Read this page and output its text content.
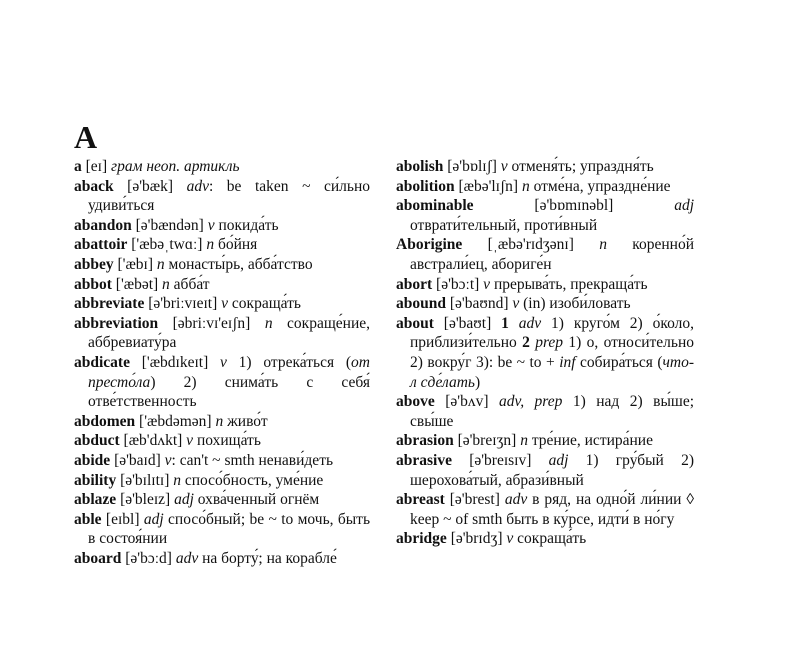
A

a [eɪ] грам неоп. артикль

aback [ə'bæk] adv: be taken ~ си́льно удиви́ться

abandon [ə'bændən] v покида́ть

abattoir ['æbəˌtwɑː] n бо́йня

abbey ['æbɪ] n монасты́рь, абба́тство

abbot ['æbət] n абба́т

abbreviate [ə'briːvɪeɪt] v сокраща́ть

abbreviation [əbriːvɪ'eɪʃn] n сокраще́ние, аббревиату́ра

abdicate ['æbdɪkeɪt] v 1) отрека́ться (от престо́ла) 2) снима́ть с себя́ отве́тственность

abdomen ['æbdəmən] n живо́т

abduct [æb'dʌkt] v похища́ть

abide [ə'baɪd] v: can't ~ smth ненави́деть

ability [ə'bɪlɪtɪ] n спосо́бность, уме́ние

ablaze [ə'bleɪz] adj охва́ченный огнём

able [eɪbl] adj спосо́бный; be ~ to мочь, быть в состоя́нии

aboard [ə'bɔːd] adv на борту́; на корабле́

abolish [ə'bɒlɪʃ] v отменя́ть; упраздня́ть

abolition [æbə'lɪʃn] n отме́на, упраздне́ние

abominable	[ə'bɒmɪnəbl]	adj отврати́тельный, проти́вный

Aborigine [ˌæbə'rɪdʒənɪ] n коренно́й австрали́ец, абориге́н

abort [ə'bɔːt] v прерыва́ть, прекраща́ть

abound [ə'baʊnd] v (in) изоби́ловать

about [ə'baʊt] 1 adv 1) круго́м 2) о́коло, приблизи́тельно 2 prep 1) о, относи́тельно 2) вокру́г 3): be ~ to + inf собира́ться (что-л сде́лать)

above [ə'bʌv] adv, prep 1) над 2) вы́ше; свы́ше

abrasion [ə'breɪʒn] n тре́ние, истира́ние

abrasive [ə'breɪsɪv] adj 1) гру́бый 2) шерохова́тый, абрази́вный

abreast [ə'brest] adv в ряд, на одно́й ли́нии ◊ keep ~ of smth быть в ку́рсе, идти́ в но́гу

abridge [ə'brɪdʒ] v сокраща́ть
